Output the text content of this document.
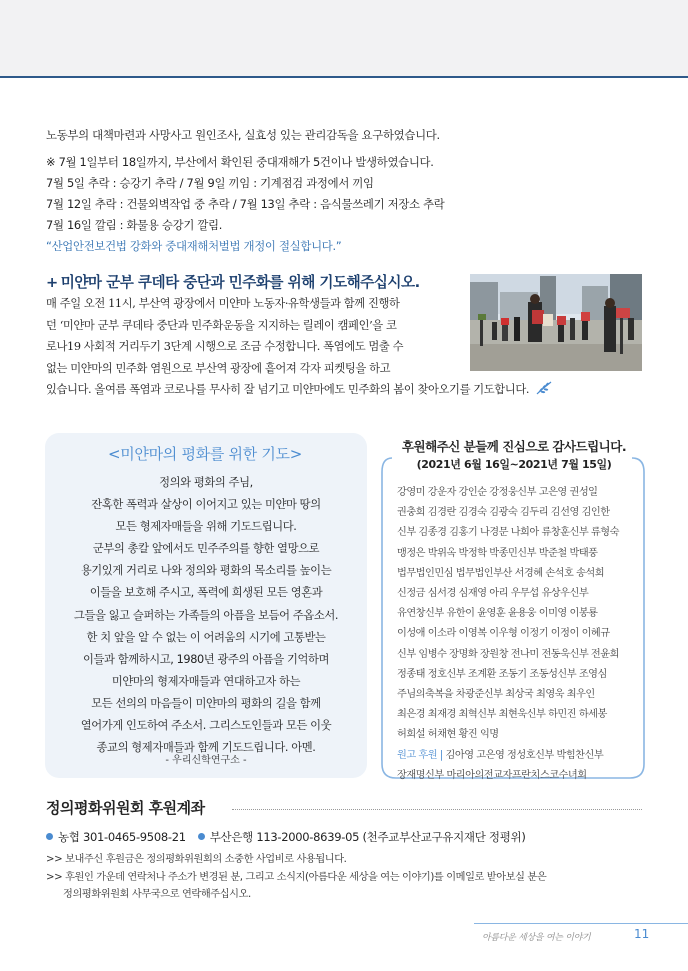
노동부의 대책마련과 사망사고 원인조사, 실효성 있는 관리감독을 요구하였습니다.

※ 7월 1일부터 18일까지, 부산에서 확인된 중대재해가 5건이나 발생하였습니다.

7월 5일 추락 : 승강기 추락 / 7월 9일 끼임 : 기계점검 과정에서 끼임

7월 12일 추락 : 건물외벽작업 중 추락 / 7월 13일 추락 : 음식물쓰레기 저장소 추락

7월 16일 깔림 : 화물용 승강기 깔림.

“산업안전보건법 강화와 중대재해처벌법 개정이 절실합니다.”

+ 미얀마 군부 쿠데타 중단과 민주화를 위해 기도해주십시오.

매 주일 오전 11시, 부산역 광장에서 미얀마 노동자·유학생들과 함께 진행하

던 ‘미얀마 군부 쿠데타 중단과 민주화운동을 지지하는 릴레이 캠페인’을 코

로나19 사회적 거리두기 3단계 시행으로 조금 수정합니다. 폭염에도 멈출 수

없는 미얀마의 민주화 염원으로 부산역 광장에 흩어져 각자 피켓팅을 하고

있습니다. 올여름 폭염과 코로나를 무사히 잘 넘기고 미얀마에도 민주화의 봄이 찾아오기를 기도합니다.

<미얀마의 평화를 위한 기도>

정의와 평화의 주님,

잔혹한 폭력과 살상이 이어지고 있는 미얀마 땅의

모든 형제자매들을 위해 기도드립니다.

군부의 총칼 앞에서도 민주주의를 향한 열망으로

용기있게 거리로 나와 정의와 평화의 목소리를 높이는

이들을 보호해 주시고, 폭력에 희생된 모든 영혼과

그들을 잃고 슬퍼하는 가족들의 아픔을 보듬어 주옵소서.

한 치 앞을 알 수 없는 이 어려움의 시기에 고통받는

이들과 함께하시고, 1980년 광주의 아픔을 기억하며

미얀마의 형제자매들과 연대하고자 하는

모든 선의의 마음들이 미얀마의 평화의 길을 함께

열어가게 인도하여 주소서. 그리스도인들과 모든 이웃

종교의 형제자매들과 함께 기도드립니다. 아멘.

- 우리신학연구소 -
후원해주신 분들께 진심으로 감사드립니다.
(2021년 6월 16일~2021년 7월 15일)

강영미 강운자 강인순 강정웅신부 고은영 권성일

권충희 김경란 김경숙 김광숙 김두리 김선영 김인한

신부 김종경 김홍기 나경문 나희아 류창훈신부 류형숙

맹정은 박위옥 박정학 박종민신부 박준철 박태풍

법무법인민심 법무법인부산 서경혜 손석호 송석희

신정금 심서경 심재영 아리 우무섭 유상우신부

유연창신부 유한이 윤영훈 윤용웅 이미영 이봉룡

이성애 이소라 이영복 이우형 이정기 이정이 이혜규

신부 임병수 장명화 장원창 전나미 전동욱신부 전윤희

정종태 정호신부 조계환 조동기 조동성신부 조영심

주님의축복을 차광준신부 최상국 최영욱 최우인

최은경 최재경 최혁신부 최현욱신부 하민진 하세봉

허희설 허채현 황진 익명

원고 후원 | 김아영 고은영 정성호신부 박힘찬신부

장재명신부 마리아의전교자프란치스코수녀회

정의평화위원회 후원계좌
농협 301-0465-9508-21 부산은행 113-2000-8639-05 (천주교부산교구유지재단 정평위)

>> 보내주신 후원금은 정의평화위원회의 소중한 사업비로 사용됩니다.

>> 후원인 가운데 연락처나 주소가 변경된 분, 그리고 소식지(아름다운 세상을 여는 이야기)를 이메일로 받아보실 분은

정의평화위원회 사무국으로 연락해주십시오.

아름다운 세상을 여는 이야기	11
